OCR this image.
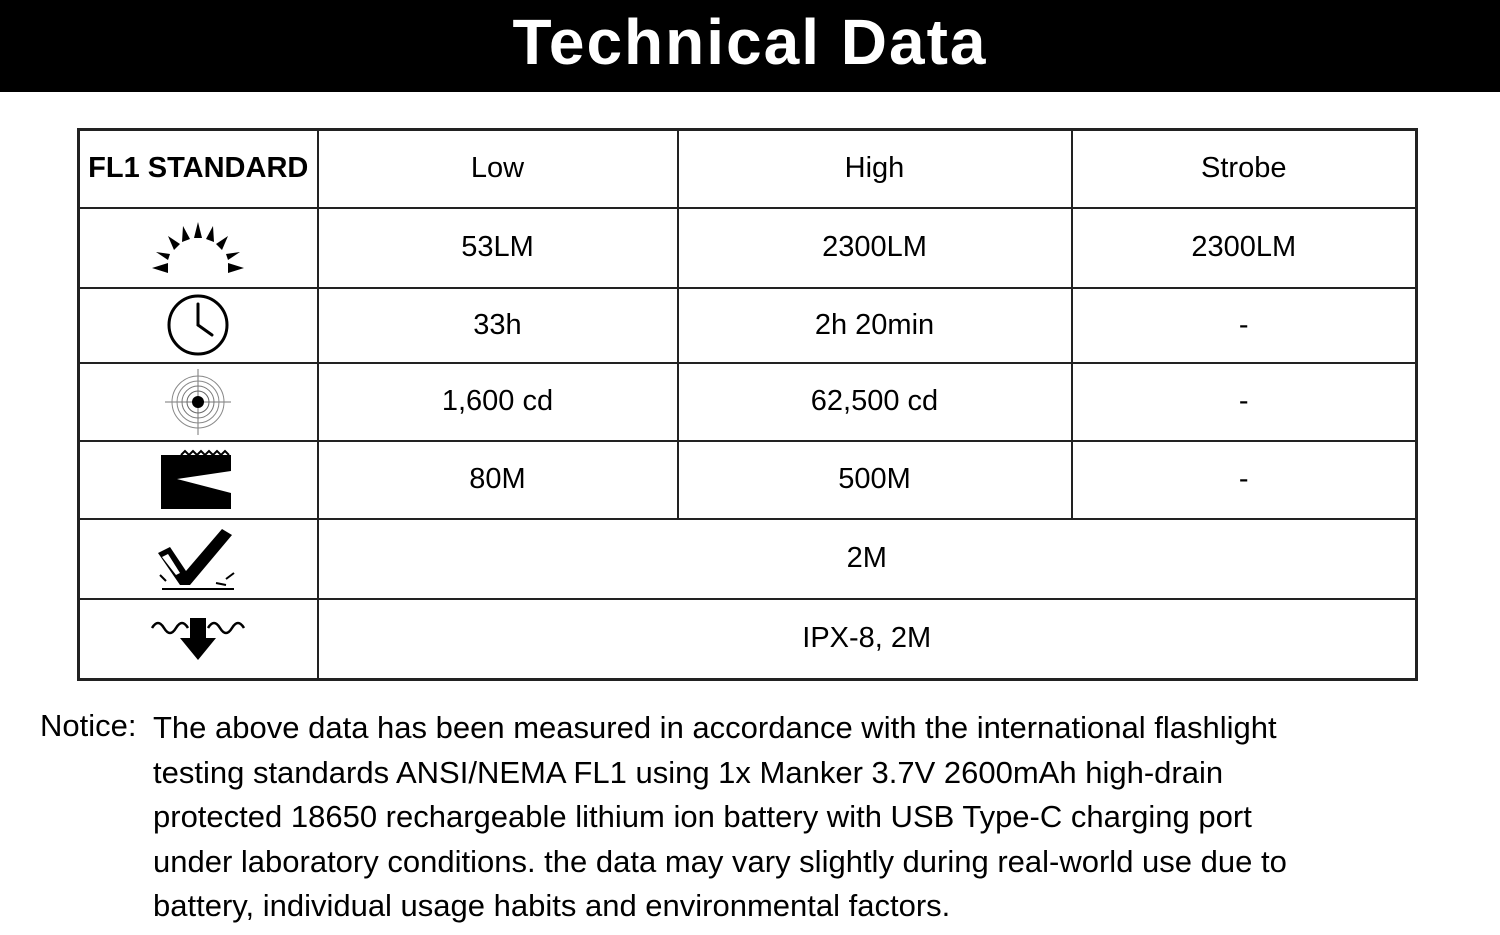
Technical Data
FL1 STANDARD	Low	High	Strobe
	53LM	2300LM	2300LM
	33h	2h 20min	-
	1,600 cd	62,500 cd	-
	80M	500M	-
	2M		
	IPX-8, 2M		
Notice: The above data has been measured in accordance with the international flashlight
testing standards ANSI/NEMA FL1 using 1x Manker 3.7V 2600mAh high-drain
protected 18650 rechargeable lithium ion battery with USB Type-C charging port
under laboratory conditions. the data may vary slightly during real-world use due to
battery, individual usage habits and environmental factors.
